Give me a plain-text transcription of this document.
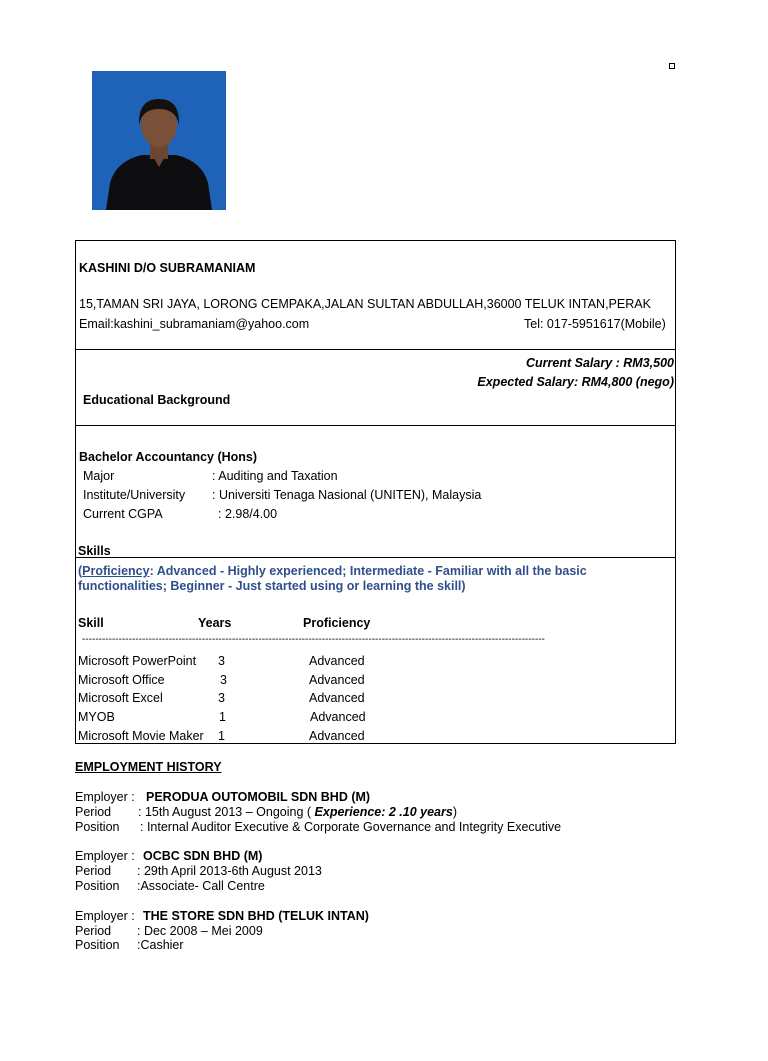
KASHINI D/O SUBRAMANIAM
15,TAMAN SRI JAYA, LORONG CEMPAKA,JALAN SULTAN ABDULLAH,36000 TELUK INTAN,PERAK
Email:kashini_subramaniam@yahoo.com	Tel: 017-5951617(Mobile)
Current Salary : RM3,500
Expected Salary: RM4,800 (nego)
Educational Background
Bachelor Accountancy (Hons)
Major	: Auditing and Taxation
Institute/University : Universiti Tenaga Nasional (UNITEN), Malaysia
Current CGPA	: 2.98/4.00
Skills
(Proficiency: Advanced - Highly experienced; Intermediate - Familiar with all the basic
functionalities; Beginner - Just started using or learning the skill)
Skill	Years	Proficiency
-------------------------------------------------------------------------------------------------------------------------------------------
Microsoft PowerPoint 3	Advanced
Microsoft Office	3	Advanced
Microsoft Excel	3	Advanced
MYOB	1	Advanced
Microsoft Movie Maker 1	Advanced
EMPLOYMENT HISTORY
Employer : PERODUA OUTOMOBIL SDN BHD (M)
Period : 15th August 2013 – Ongoing ( Experience: 2 .10 years)
Position : Internal Auditor Executive & Corporate Governance and Integrity Executive
Employer : OCBC SDN BHD (M)
Period : 29th April 2013-6th August 2013
Position :Associate- Call Centre
Employer : THE STORE SDN BHD (TELUK INTAN)
Period : Dec 2008 – Mei 2009
Position :Cashier
